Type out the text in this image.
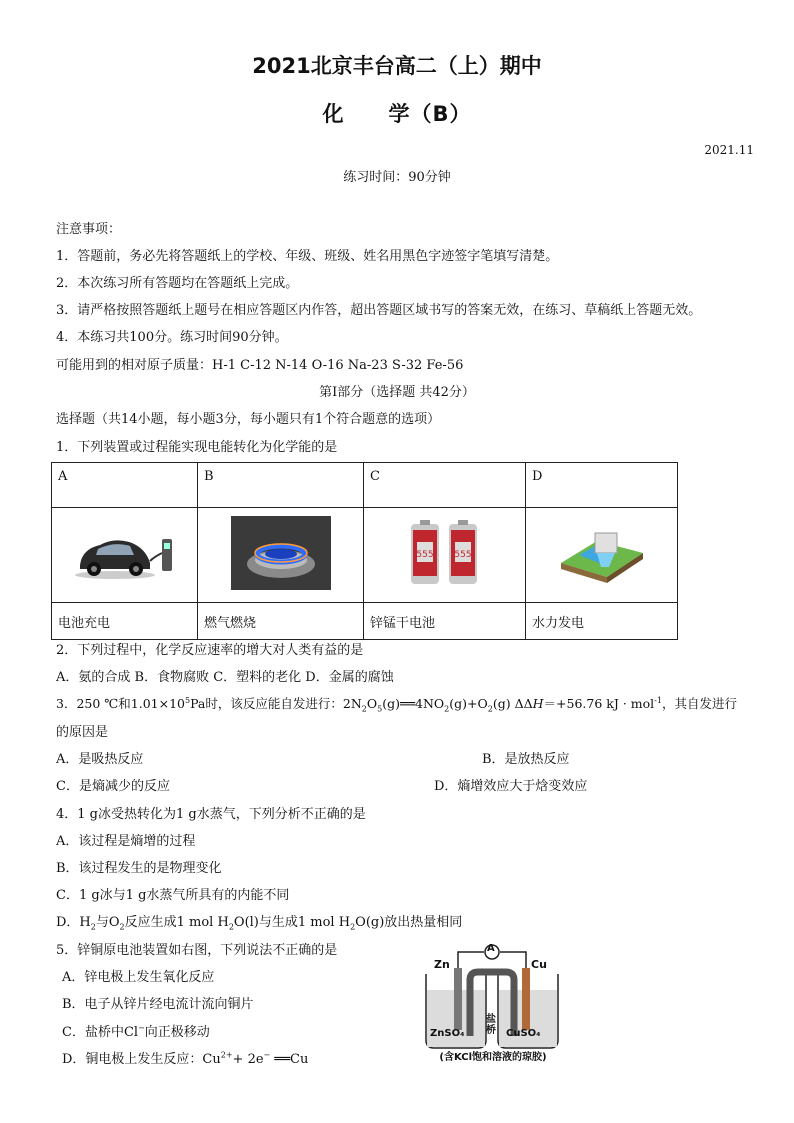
2021北京丰台高二（上）期中
化　　学（B）
2021.11
练习时间：90分钟
注意事项：
1．答题前，务必先将答题纸上的学校、年级、班级、姓名用黑色字迹签字笔填写清楚。
2．本次练习所有答题均在答题纸上完成。
3．请严格按照答题纸上题号在相应答题区内作答，超出答题区域书写的答案无效，在练习、草稿纸上答题无效。
4．本练习共100分。练习时间90分钟。
可能用到的相对原子质量：H-1 C-12 N-14 O-16 Na-23 S-32 Fe-56
第Ⅰ部分（选择题 共42分）
选择题（共14小题，每小题3分，每小题只有1个符合题意的选项）
1．下列装置或过程能实现电能转化为化学能的是
A	B	C	D

555 555

电池充电	燃气燃烧	锌锰干电池	水力发电
2．下列过程中，化学反应速率的增大对人类有益的是
A．氨的合成 B．食物腐败 C．塑料的老化 D．金属的腐蚀
3．250 ℃和$1.01\times 10^5Pa$时，该反应能自发进行：$2N_2O_5(g)══4NO_2(g)+O_2(g)$ ΔΔH＝+56.76 kJ · mol$^{-1}$，其自发进行
的原因是
A．是吸热反应	B．是放热反应
C．是熵减少的反应	D．熵增效应大于焓变效应
4．1 g冰受热转化为1 g水蒸气，下列分析不正确的是
A．该过程是熵增的过程
B．该过程发生的是物理变化
C．1 g冰与1 g水蒸气所具有的内能不同
D．$H_2$与$O_2$反应生成1 mol $H_2O(l)$与生成1 mol $H_2O(g)$放出热量相同
5．锌铜原电池装置如右图，下列说法不正确的是
A．锌电极上发生氧化反应
B．电子从锌片经电流计流向铜片
C．盐桥中Cl−向正极移动
D．铜电极上发生反应：$Cu^{2+}+ 2e^-$ ══Cu
A
Zn	Cu
ZnSO₄	CuSO₄
盐桥
(含KCl饱和溶液的琼胶)
